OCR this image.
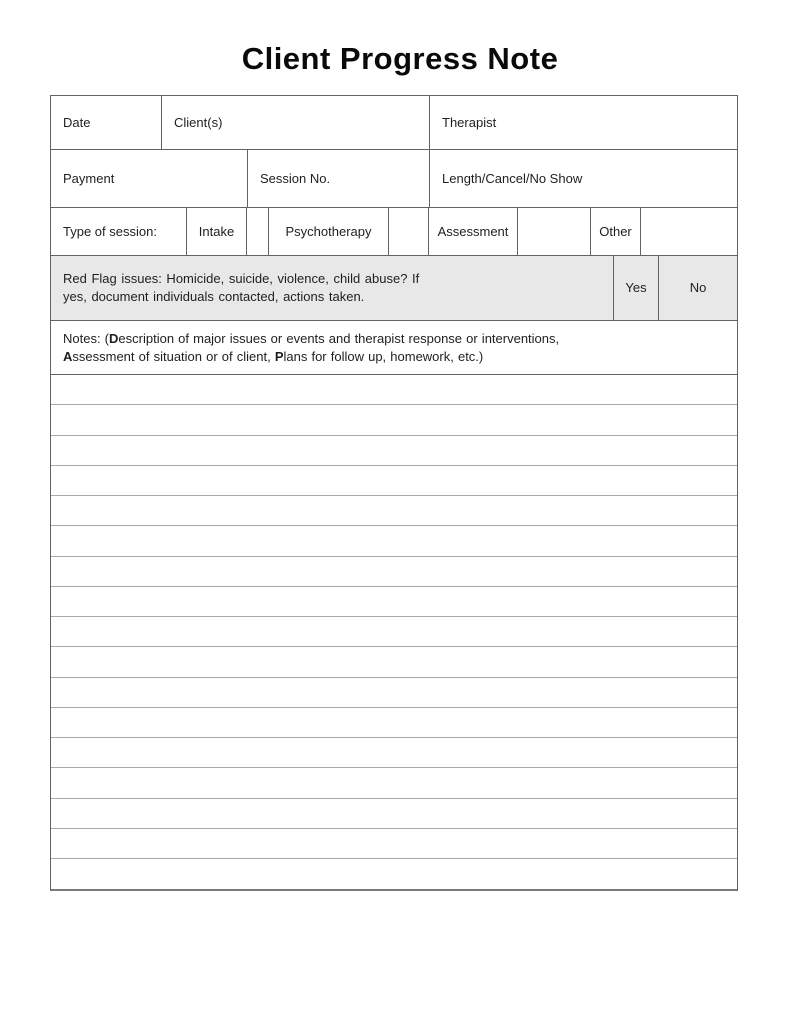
Client Progress Note
Date	Client(s)	Therapist
Payment	Session No.	Length/Cancel/No Show
Type of session:	Intake	Psychotherapy	Assessment	Other
Red Flag issues: Homicide, suicide, violence, child abuse? If
yes, document individuals contacted, actions taken.
Yes	No
Notes: (Description of major issues or events and therapist response or interventions,
Assessment of situation or of client, Plans for follow up, homework, etc.)
